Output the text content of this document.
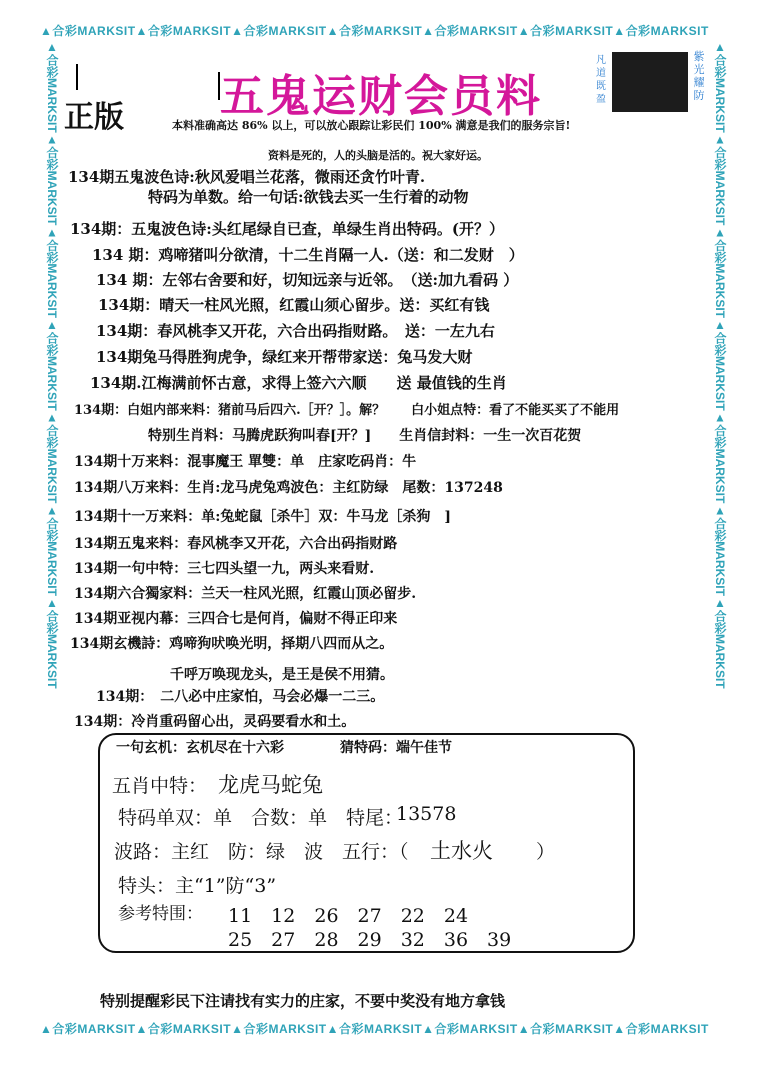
▲合彩MARKSIT▲合彩MARKSIT▲合彩MARKSIT▲合彩MARKSIT▲合彩MARKSIT▲合彩MARKSIT▲合彩MARKSIT
▲合彩MARKSIT▲合彩MARKSIT▲合彩MARKSIT▲合彩MARKSIT▲合彩MARKSIT▲合彩MARKSIT▲合彩MARKSIT
▲合彩MARKSIT▲合彩MARKSIT▲合彩MARKSIT▲合彩MARKSIT▲合彩MARKSIT▲合彩MARKSIT▲合彩MARKSIT	▲合彩MARKSIT▲合彩MARKSIT▲合彩MARKSIT▲合彩MARKSIT▲合彩MARKSIT▲合彩MARKSIT▲合彩MARKSIT
五鬼运财会员料
正版
凡道既盈
紫光耀防
本料准确高达 86% 以上，可以放心跟踪让彩民们 100% 满意是我们的服务宗旨!
资料是死的，人的头脑是活的。祝大家好运。
134期五鬼波色诗:秋风爱唱兰花落，微雨还贪竹叶青.
特码为单数。给一句话:欲钱去买一生行着的动物
134期：五鬼波色诗:头红尾绿自已查，单绿生肖出特码。(开？）
134 期：鸡啼猪叫分欲清，十二生肖隔一人.（送：和二发财　）
134 期：左邻右舍要和好，切知远亲与近邻。　（送:加九看码 ）
134期：晴天一柱风光照，红霞山须心留步。送：买红有钱
134期：春风桃李又开花，六合出码指财路。　送：一左九右
134期兔马得胜狗虎争，绿红来开帮带家送：兔马发大财
134期.江梅满前怀古意，求得上签六六顺　　送 最值钱的生肖
134期：白姐内部来料：猪前马后四六.［开？］。解？　　白小姐点特：看了不能买买了不能用
特别生肖料：马腾虎跃狗叫春[开？]　　生肖信封料：一生一次百花贺
134期十万来料：混事魔王 單雙：单　庄家吃码肖：牛
134期八万来料：生肖:龙马虎兔鸡波色：主红防绿　尾数：137248
134期十一万来料：单:兔蛇鼠［杀牛］双：牛马龙［杀狗　]
134期五鬼来料：春风桃李又开花，六合出码指财路
134期一句中特：三七四头望一九，两头来看财.
134期六合獨家料：兰天一柱风光照，红霞山顶必留步.
134期亚视内幕：三四合七是何肖，偏财不得正印来
134期玄機詩：鸡啼狗吠唤光明，择期八四而从之。
千呼万唤现龙头，是王是侯不用猜。
134期：　二八必中庄家怕，马会必爆一二三。
134期：冷肖重码留心出，灵码要看水和土。
一句玄机：玄机尽在十六彩	猜特码：端午佳节
五肖中特： 龙虎马蛇兔
特码单双：单　合数：单　特尾：
13578
波路：主红　防：绿　波　五行：（ 土水火 ）
特头：主“1”防“3”
参考特围： 11　12　26　27　22　24
25　27　28　29　32　36　39
特别提醒彩民下注请找有实力的庄家，不要中奖没有地方拿钱
